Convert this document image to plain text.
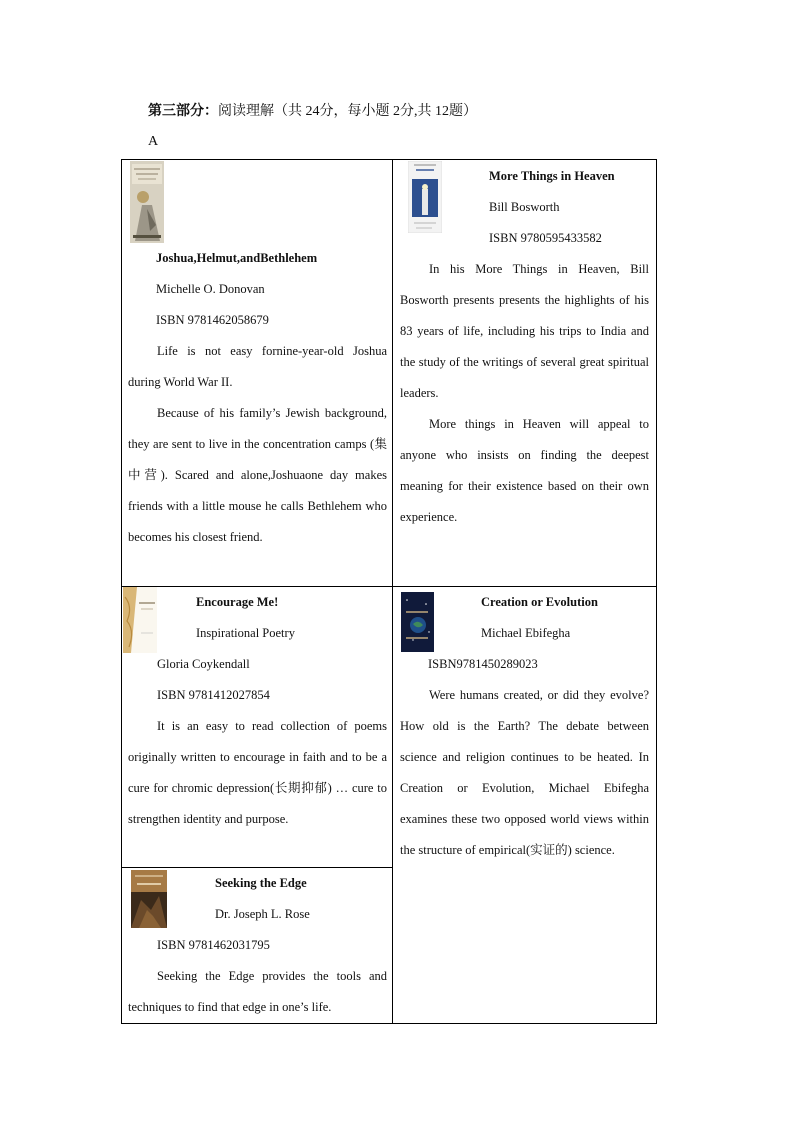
第三部分：阅读理解（共 24分，每小题 2分,共 12题）
A

Joshua,Helmut,andBethlehem

Michelle O. Donovan

ISBN 9781462058679

Life is not easy fornine-year-old Joshua during World War II.

Because of his family’s Jewish background, they are sent to live in the concentration camps (集中营). Scared and alone,Joshuaone day makes friends with a little mouse he calls Bethlehem who becomes his closest friend.

More Things in Heaven

Bill Bosworth

ISBN 9780595433582

In his More Things in Heaven, Bill Bosworth presents presents the highlights of his 83 years of life, including his trips to India and the study of the writings of several great spiritual leaders.

More things in Heaven will appeal to anyone who insists on finding the deepest meaning for their existence based on their own experience.

Encourage Me!

Inspirational Poetry

Gloria Coykendall

ISBN 9781412027854

It is an easy to read collection of poems originally written to encourage in faith and to be a cure for chromic depression(长期抑郁) … cure to strengthen identity and purpose.

Creation or Evolution

Michael Ebifegha

ISBN9781450289023

Were humans created, or did they evolve? How old is the Earth? The debate between science and religion continues to be heated. In Creation or Evolution, Michael Ebifegha examines these two opposed world views within the structure of empirical(实证的) science.

Seeking the Edge

Dr. Joseph L. Rose

ISBN 9781462031795

Seeking the Edge provides the tools and techniques to find that edge in one’s life.
